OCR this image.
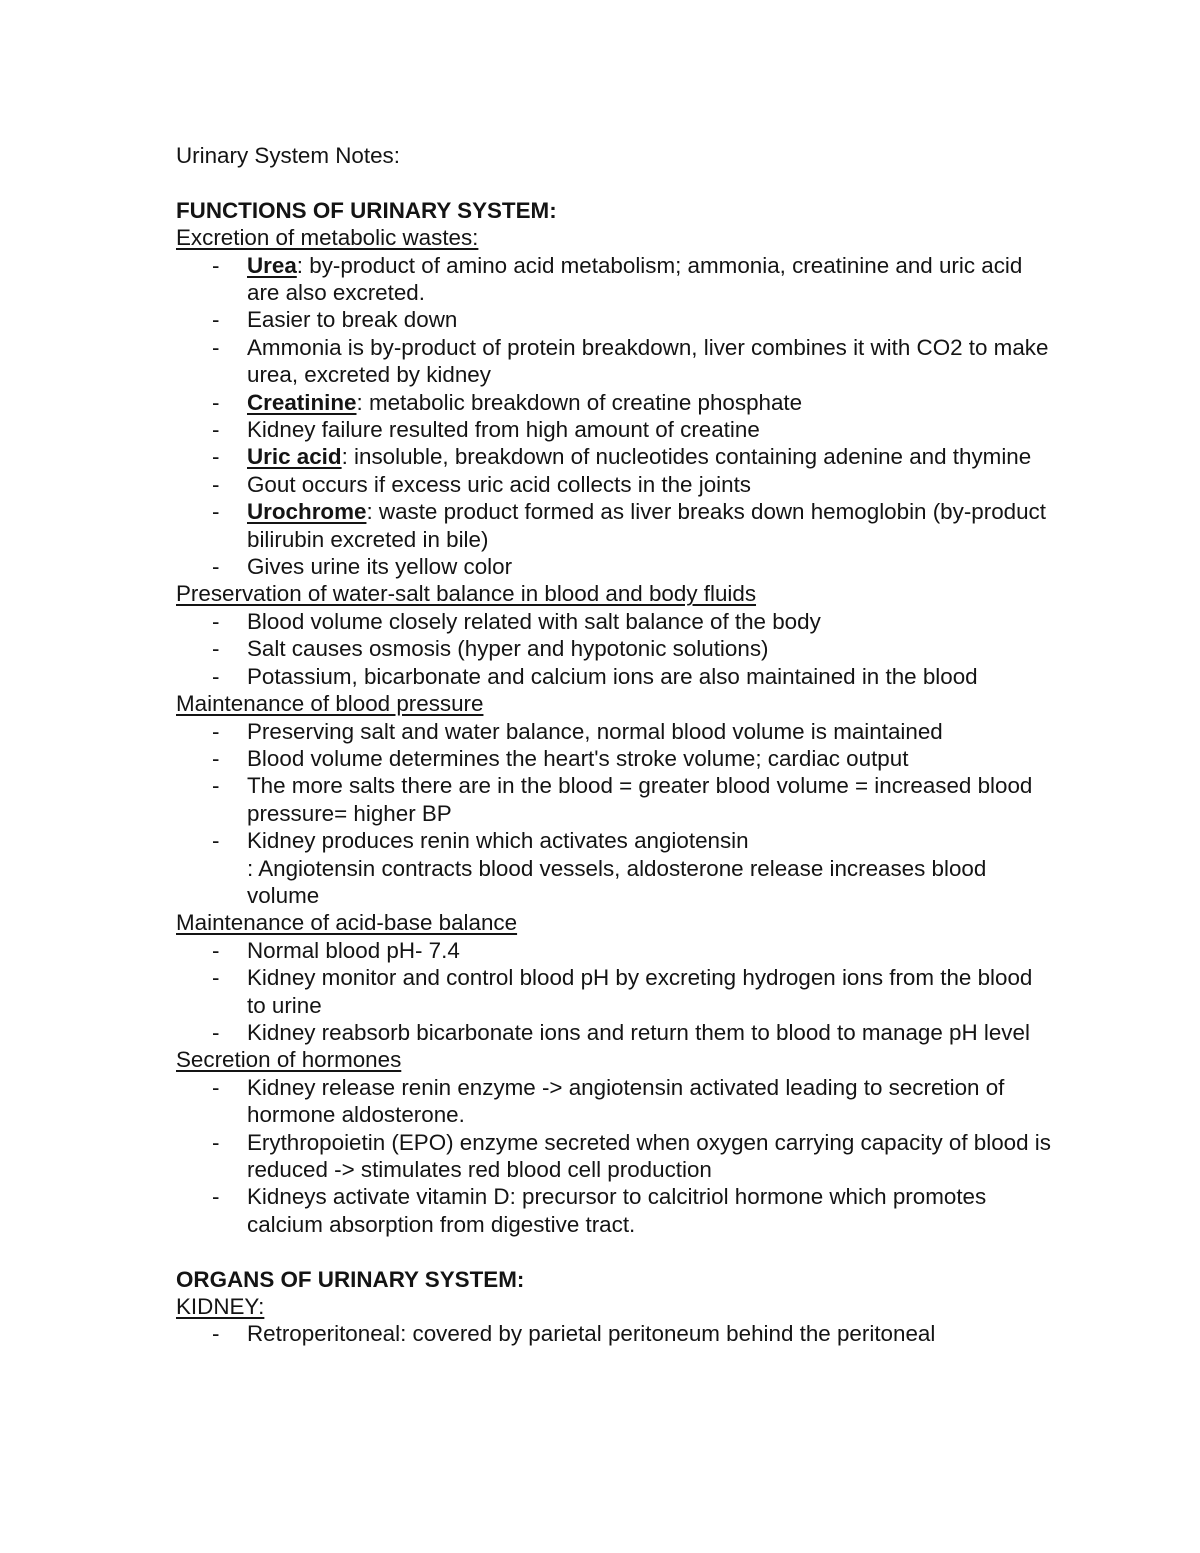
Urinary System Notes:
FUNCTIONS OF URINARY SYSTEM:
Excretion of metabolic wastes:
- Urea: by-product of amino acid metabolism; ammonia, creatinine and uric acid are also excreted.
- Easier to break down
- Ammonia is by-product of protein breakdown, liver combines it with CO2 to make urea, excreted by kidney
- Creatinine: metabolic breakdown of creatine phosphate
- Kidney failure resulted from high amount of creatine
- Uric acid: insoluble, breakdown of nucleotides containing adenine and thymine
- Gout occurs if excess uric acid collects in the joints
- Urochrome: waste product formed as liver breaks down hemoglobin (by-product bilirubin excreted in bile)
- Gives urine its yellow color
Preservation of water-salt balance in blood and body fluids
- Blood volume closely related with salt balance of the body
- Salt causes osmosis (hyper and hypotonic solutions)
- Potassium, bicarbonate and calcium ions are also maintained in the blood
Maintenance of blood pressure
- Preserving salt and water balance, normal blood volume is maintained
- Blood volume determines the heart's stroke volume; cardiac output
- The more salts there are in the blood = greater blood volume = increased blood pressure= higher BP
- Kidney produces renin which activates angiotensin
: Angiotensin contracts blood vessels, aldosterone release increases blood volume
Maintenance of acid-base balance
- Normal blood pH- 7.4
- Kidney monitor and control blood pH by excreting hydrogen ions from the blood to urine
- Kidney reabsorb bicarbonate ions and return them to blood to manage pH level
Secretion of hormones
- Kidney release renin enzyme -> angiotensin activated leading to secretion of hormone aldosterone.
- Erythropoietin (EPO) enzyme secreted when oxygen carrying capacity of blood is reduced -> stimulates red blood cell production
- Kidneys activate vitamin D: precursor to calcitriol hormone which promotes calcium absorption from digestive tract.
ORGANS OF URINARY SYSTEM:
KIDNEY:
- Retroperitoneal: covered by parietal peritoneum behind the peritoneal
